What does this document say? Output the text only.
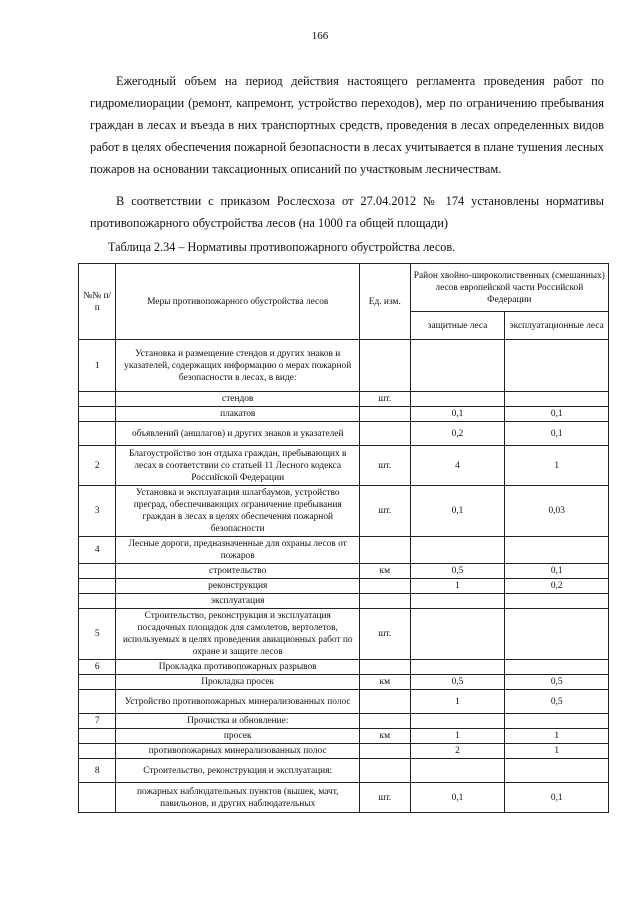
166

Ежегодный объем на период действия настоящего регламента проведения работ по гидромелиорации (ремонт, капремонт, устройство переходов), мер по ограничению пребывания граждан в лесах и въезда в них транспортных средств, проведения в лесах определенных видов работ в целях обеспечения пожарной безопасности в лесах учитывается в плане тушения лесных пожаров на основании таксационных описаний по участковым лесничествам.

В соответствии с приказом Рослесхоза от 27.04.2012 № 174 установлены нормативы противопожарного обустройства лесов (на 1000 га общей площади)

Таблица 2.34 – Нормативы противопожарного обустройства лесов.

№№ п/п	Меры противопожарного обустройства лесов	Ед. изм.	Район хвойно-широколиственных (смешанных) лесов европейской части Российской Федерации	
			защитные леса	эксплуатационные леса
1	Установка и размещение стендов и других знаков и указателей, содержащих информацию о мерах пожарной безопасности в лесах, в виде:			
	стендов	шт.		
	плакатов		0,1	0,1
	объявлений (аншлагов) и других знаков и указателей		0,2	0,1
2	Благоустройство зон отдыха граждан, пребывающих в лесах в соответствии со статьей 11 Лесного кодекса Российской Федерации	шт.	4	1
3	Установка и эксплуатация шлагбаумов, устройство преград, обеспечивающих ограничение пребывания граждан в лесах в целях обеспечения пожарной безопасности	шт.	0,1	0,03
4	Лесные дороги, предназначенные для охраны лесов от пожаров			
	строительство	км	0,5	0,1
	реконструкция		1	0,2
	эксплуатация			
5	Строительство, реконструкция и эксплуатация посадочных площадок для самолетов, вертолетов, используемых в целях проведения авиационных работ по охране и защите лесов	шт.		
6	Прокладка противопожарных разрывов			
	Прокладка просек	км	0,5	0,5
	Устройство противопожарных минерализованных полос		1	0,5
7	Прочистка и обновление:			
	просек	км	1	1
	противопожарных минерализованных полос		2	1
8	Строительство, реконструкция и эксплуатация:			
	пожарных наблюдательных пунктов (вышек, мачт, павильонов, и других наблюдательных	шт.	0,1	0,1
